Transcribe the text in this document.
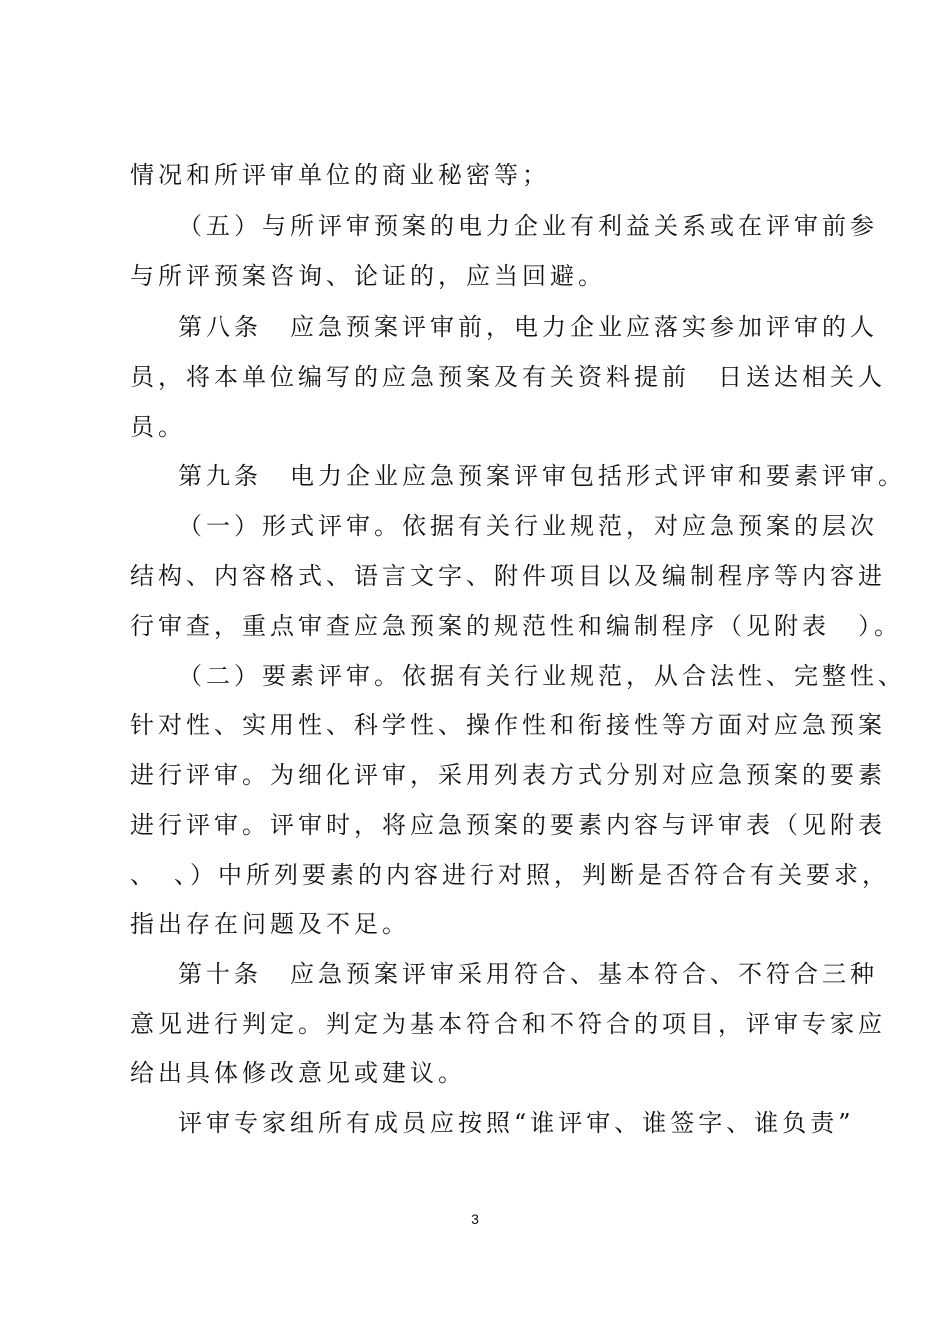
情况和所评审单位的商业秘密等；
（五）与所评审预案的电力企业有利益关系或在评审前参
与所评预案咨询、论证的，应当回避。
第八条　应急预案评审前，电力企业应落实参加评审的人
员，将本单位编写的应急预案及有关资料提前　日送达相关人
员。
第九条　电力企业应急预案评审包括形式评审和要素评审。
（一）形式评审。依据有关行业规范，对应急预案的层次
结构、内容格式、语言文字、附件项目以及编制程序等内容进
行审查，重点审查应急预案的规范性和编制程序（见附表　）。
（二）要素评审。依据有关行业规范，从合法性、完整性、
针对性、实用性、科学性、操作性和衔接性等方面对应急预案
进行评审。为细化评审，采用列表方式分别对应急预案的要素
进行评审。评审时，将应急预案的要素内容与评审表（见附表
、　、）中所列要素的内容进行对照，判断是否符合有关要求，
指出存在问题及不足。
第十条　应急预案评审采用符合、基本符合、不符合三种
意见进行判定。判定为基本符合和不符合的项目，评审专家应
给出具体修改意见或建议。
评审专家组所有成员应按照“谁评审、谁签字、谁负责”
3
